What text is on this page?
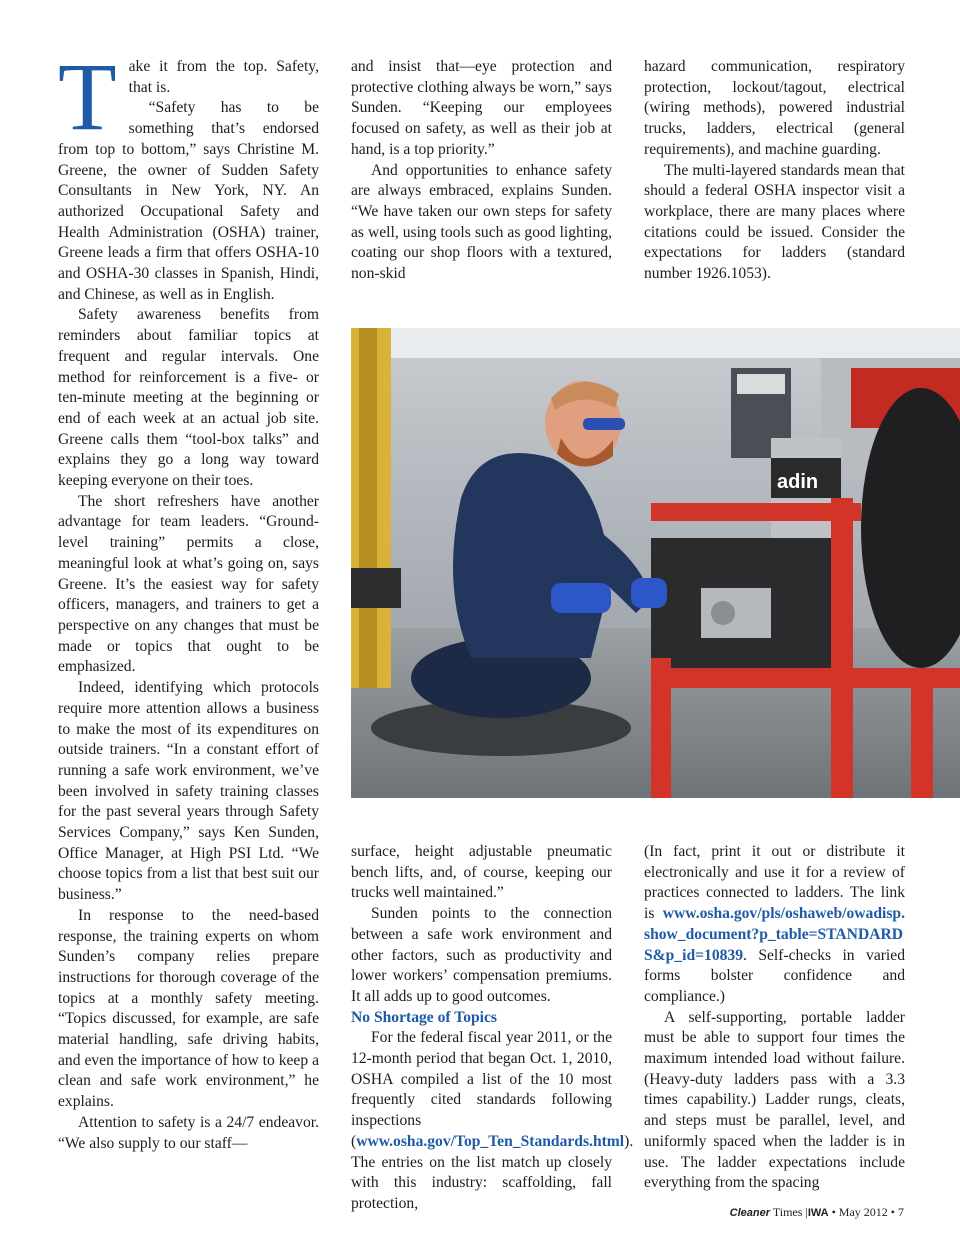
Take it from the top. Safety, that is.

“Safety has to be something that’s endorsed from top to bottom,” says Christine M. Greene, the owner of Sudden Safety Consultants in New York, NY. An authorized Occupational Safety and Health Administration (OSHA) trainer, Greene leads a firm that offers OSHA-10 and OSHA-30 classes in Spanish, Hindi, and Chinese, as well as in English.

Safety awareness benefits from reminders about familiar topics at frequent and regular intervals. One method for reinforcement is a five- or ten-minute meeting at the beginning or end of each week at an actual job site. Greene calls them “tool-box talks” and explains they go a long way toward keeping everyone on their toes.

The short refreshers have another advantage for team leaders. “Ground-level training” permits a close, meaningful look at what’s going on, says Greene. It’s the easiest way for safety officers, managers, and trainers to get a perspective on any changes that must be made or topics that ought to be emphasized.

Indeed, identifying which protocols require more attention allows a business to make the most of its expenditures on outside trainers. “In a constant effort of running a safe work environment, we’ve been involved in safety training classes for the past several years through Safety Services Company,” says Ken Sunden, Office Manager, at High PSI Ltd. “We choose topics from a list that best suit our business.”

In response to the need-based response, the training experts on whom Sunden’s company relies prepare instructions for thorough coverage of the topics at a monthly safety meeting. “Topics discussed, for example, are safe material handling, safe driving habits, and even the importance of how to keep a clean and safe work environment,” he explains.

Attention to safety is a 24/7 endeavor. “We also supply to our staff—

and insist that—eye protection and protective clothing always be worn,” says Sunden. “Keeping our employees focused on safety, as well as their job at hand, is a top priority.”

And opportunities to enhance safety are always embraced, explains Sunden. “We have taken our own steps for safety as well, using tools such as good lighting, coating our shop floors with a textured, non-skid

hazard communication, respiratory protection, lockout/tagout, electrical (wiring methods), powered industrial trucks, ladders, electrical (general requirements), and machine guarding.

The multi-layered standards mean that should a federal OSHA inspector visit a workplace, there are many places where citations could be issued. Consider the expectations for ladders (standard number 1926.1053).

adin

surface, height adjustable pneumatic bench lifts, and, of course, keeping our trucks well maintained.”

Sunden points to the connection between a safe work environment and other factors, such as productivity and lower workers’ compensation premiums. It all adds up to good outcomes.

No Shortage of Topics

For the federal fiscal year 2011, or the 12-month period that began Oct. 1, 2010, OSHA compiled a list of the 10 most frequently cited standards following inspections (www.osha.gov/Top_Ten_Standards.html). The entries on the list match up closely with this industry: scaffolding, fall protection,

(In fact, print it out or distribute it electronically and use it for a review of practices connected to ladders. The link is www.osha.gov/pls/oshaweb/owadisp.show_document?p_table=STANDARDS&p_id=10839. Self-checks in varied forms bolster confidence and compliance.)

A self-supporting, portable ladder must be able to support four times the maximum intended load without failure. (Heavy-duty ladders pass with a 3.3 times capability.) Ladder rungs, cleats, and steps must be parallel, level, and uniformly spaced when the ladder is in use. The ladder expectations include everything from the spacing

Cleaner Times |IWA • May 2012 • 7
